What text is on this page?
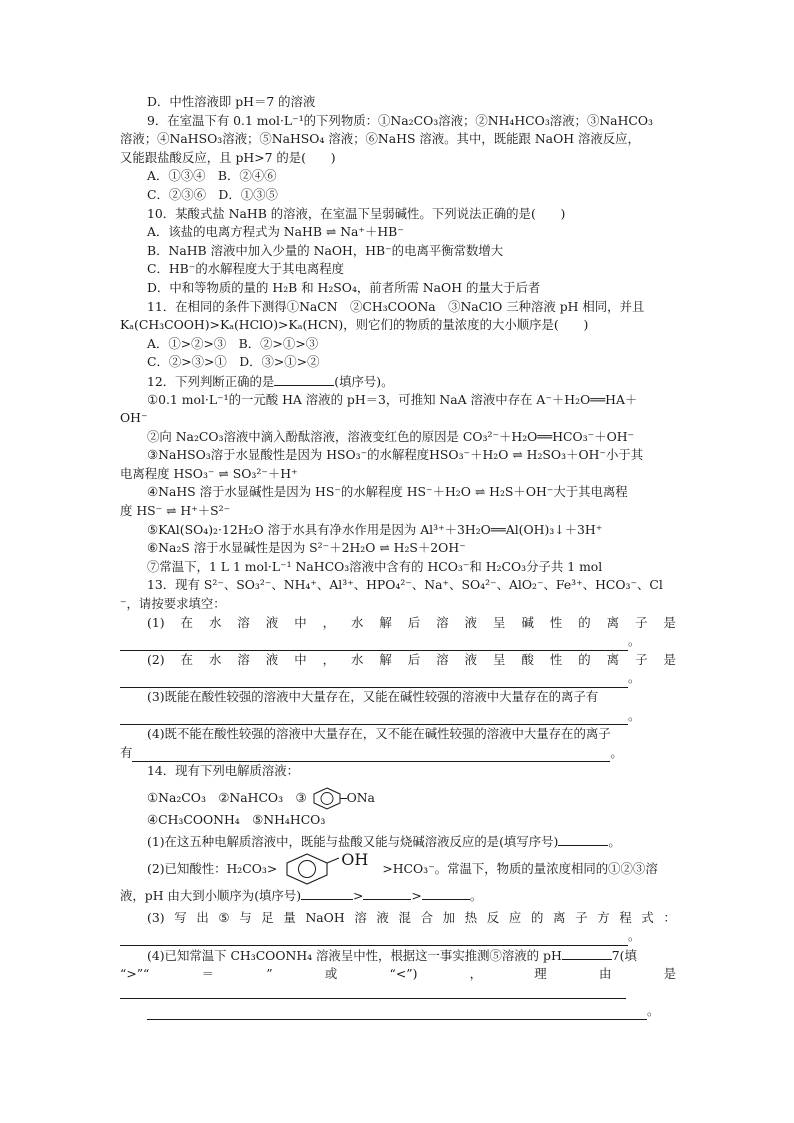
D．中性溶液即 pH＝7 的溶液
9．在室温下有 0.1 mol·L⁻¹的下列物质：①Na₂CO₃溶液；②NH₄HCO₃溶液；③NaHCO₃
溶液；④NaHSO₃溶液；⑤NaHSO₄ 溶液；⑥NaHS 溶液。其中，既能跟 NaOH 溶液反应，
又能跟盐酸反应，且 pH>7 的是(　　)
A．①③④　B．②④⑥
C．②③⑥　D．①③⑤
10．某酸式盐 NaHB 的溶液，在室温下呈弱碱性。下列说法正确的是(　　)
A．该盐的电离方程式为 NaHB ⇌ Na⁺＋HB⁻
B．NaHB 溶液中加入少量的 NaOH，HB⁻的电离平衡常数增大
C．HB⁻的水解程度大于其电离程度
D．中和等物质的量的 H₂B 和 H₂SO₄，前者所需 NaOH 的量大于后者
11．在相同的条件下测得①NaCN　②CH₃COONa　③NaClO 三种溶液 pH 相同，并且
Kₐ(CH₃COOH)>Kₐ(HClO)>Kₐ(HCN)，则它们的物质的量浓度的大小顺序是(　　)
A．①>②>③　B．②>①>③
C．②>③>①　D．③>①>②
12．下列判断正确的是	(填序号)。
①0.1 mol·L⁻¹的一元酸 HA 溶液的 pH＝3，可推知 NaA 溶液中存在 A⁻＋H₂O══HA＋
OH⁻
②向 Na₂CO₃溶液中滴入酚酞溶液，溶液变红色的原因是 CO₃²⁻＋H₂O══HCO₃⁻＋OH⁻
③NaHSO₃溶于水显酸性是因为 HSO₃⁻的水解程度HSO₃⁻＋H₂O ⇌ H₂SO₃＋OH⁻小于其
电离程度 HSO₃⁻ ⇌ SO₃²⁻＋H⁺
④NaHS 溶于水显碱性是因为 HS⁻的水解程度 HS⁻＋H₂O ⇌ H₂S＋OH⁻大于其电离程
度 HS⁻ ⇌ H⁺＋S²⁻
⑤KAl(SO₄)₂·12H₂O 溶于水具有净水作用是因为 Al³⁺＋3H₂O══Al(OH)₃↓＋3H⁺
⑥Na₂S 溶于水显碱性是因为 S²⁻＋2H₂O ⇌ H₂S＋2OH⁻
⑦常温下，1 L 1 mol·L⁻¹ NaHCO₃溶液中含有的 HCO₃⁻和 H₂CO₃分子共 1 mol
13．现有 S²⁻、SO₃²⁻、NH₄⁺、Al³⁺、HPO₄²⁻、Na⁺、SO₄²⁻、AlO₂⁻、Fe³⁺、HCO₃⁻、Cl
⁻，请按要求填空：
(1) 在 水 溶 液 中 ， 水 解 后 溶 液 呈 碱 性 的 离 子 是
。
(2) 在 水 溶 液 中 ， 水 解 后 溶 液 呈 酸 性 的 离 子 是
。
(3)既能在酸性较强的溶液中大量存在，又能在碱性较强的溶液中大量存在的离子有
。
(4)既不能在酸性较强的溶液中大量存在，又不能在碱性较强的溶液中大量存在的离子
有	。
14．现有下列电解质溶液：
①Na₂CO₃　②NaHCO₃　③	ONa
④CH₃COONH₄　⑤NH₄HCO₃
(1)在这五种电解质溶液中，既能与盐酸又能与烧碱溶液反应的是(填写序号)	。
(2)已知酸性：H₂CO₃>	OH >HCO₃⁻。常温下，物质的量浓度相同的①②③溶
液，pH 由大到小顺序为(填序号)	>	>	。
(3) 写 出 ⑤ 与 足 量 NaOH 溶 液 混 合 加 热 反 应 的 离 子 方 程 式 ：
。
(4)已知常温下 CH₃COONH₄ 溶液呈中性，根据这一事实推测⑤溶液的 pH	7(填
“>”“	＝	”	或	“<”)	，	理	由	是
。
